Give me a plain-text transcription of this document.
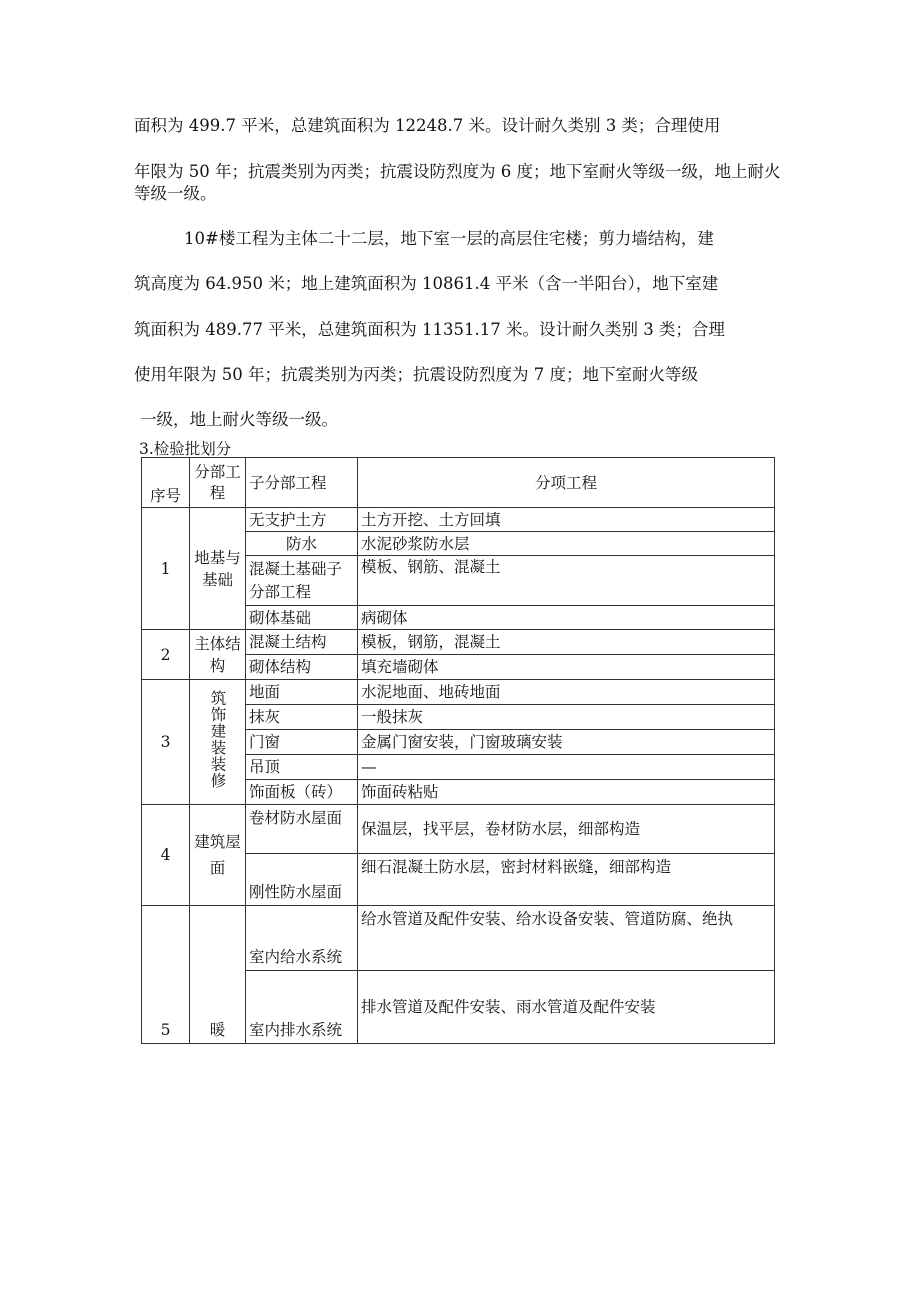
面积为 499.7 平米，总建筑面积为 12248.7 米。设计耐久类别 3 类；合理使用
年限为 50 年；抗震类别为丙类；抗震设防烈度为 6 度；地下室耐火等级一级，地上耐火
等级一级。
10#楼工程为主体二十二层，地下室一层的高层住宅楼；剪力墙结构，建
筑高度为 64.950 米；地上建筑面积为 10861.4 平米（含一半阳台），地下室建
筑面积为 489.77 平米，总建筑面积为 11351.17 米。设计耐久类别 3 类；合理
使用年限为 50 年；抗震类别为丙类；抗震设防烈度为 7 度；地下室耐火等级
一级，地上耐火等级一级。
3.检验批划分
序号	分部工程	子分部工程	分项工程
1	地基与基础	无支护土方	土方开挖、土方回填
		防水	水泥砂浆防水层
		混凝土基础子分部工程	模板、钢筋、混凝土
		砌体基础	病砌体
2	主体结构	混凝土结构	模板，钢筋，混凝土
		砌体结构	填充墙砌体
3	筑饰建装装修	地面	水泥地面、地砖地面
		抹灰	一般抹灰
		门窗	金属门窗安装，门窗玻璃安装
		吊顶	—
		饰面板（砖）	饰面砖粘贴
4	建筑屋面	卷材防水屋面	保温层，找平层，卷材防水层，细部构造
		刚性防水屋面	细石混凝土防水层，密封材料嵌缝，细部构造
5	暖	室内给水系统	给水管道及配件安装、给水设备安装、管道防腐、绝执
		室内排水系统	排水管道及配件安装、雨水管道及配件安装
